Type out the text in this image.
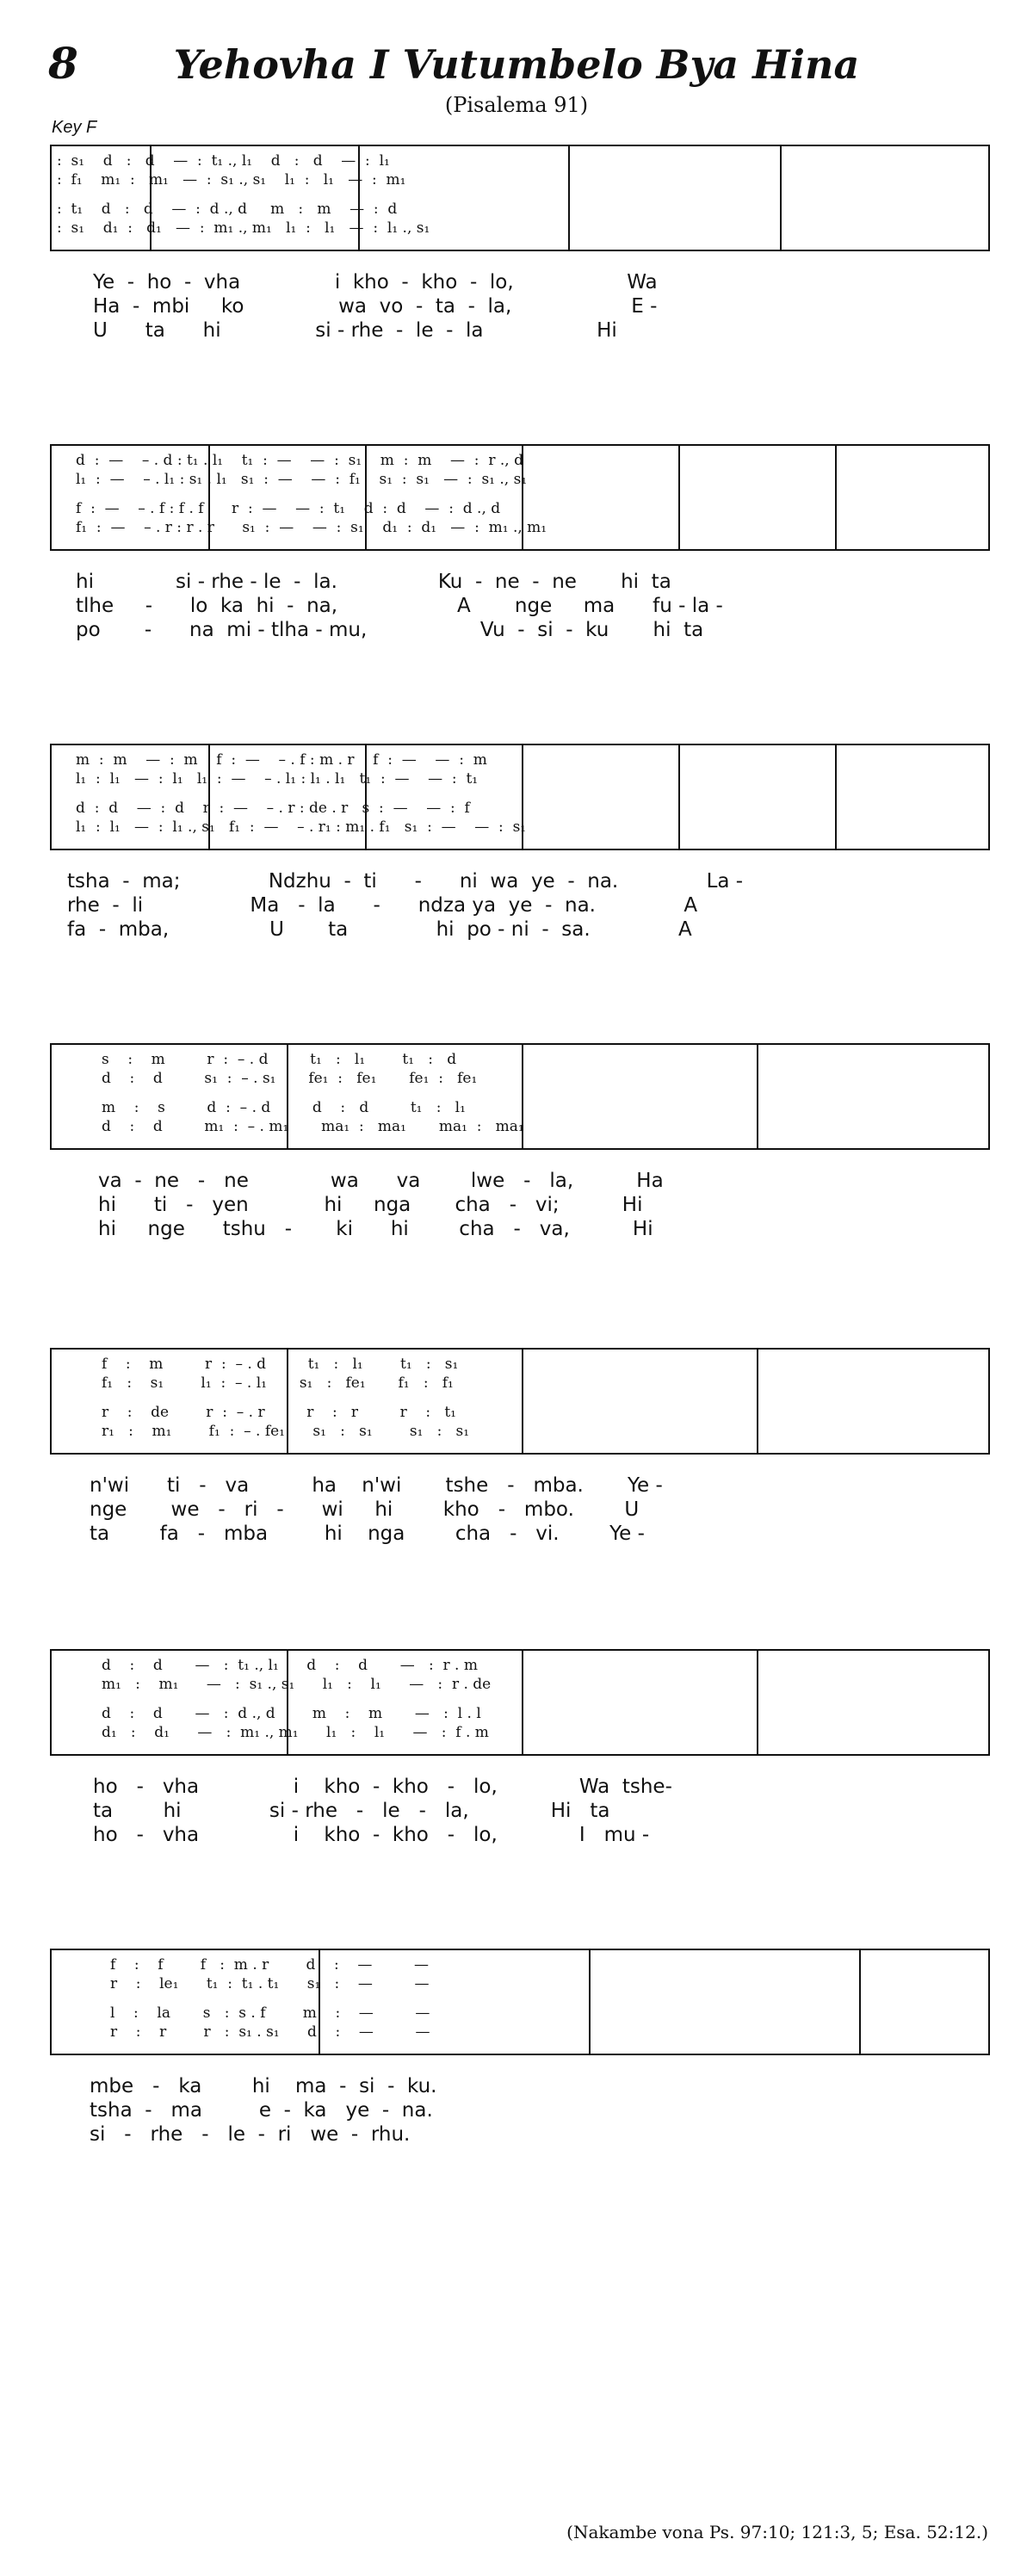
8	Yehovha I Vutumbelo Bya Hina
(Pisalema 91)
Key F
:  s₁    d   :   d    —  :  t₁ ., l₁    d   :   d    —  :  l₁
:  f₁    m₁  :   m₁   —  :  s₁ ., s₁    l₁  :   l₁   —  :  m₁
:  t₁    d   :   d    —  :  d ., d     m   :   m    —  :  d
:  s₁    d₁  :   d₁   —  :  m₁ ., m₁   l₁  :   l₁   —  :  l₁ ., s₁
Ye  -  ho  -  vha               i  kho  -  kho  -  lo,                  Wa
Ha  -  mbi     ko               wa  vo  -  ta  -  la,                   E -
U      ta      hi               si - rhe  -  le  -  la                  Hi
d  :  —    – . d : t₁ . l₁    t₁  :  —    —  :  s₁    m  :  m    —  :  r ., d
l₁  :  —    – . l₁ : s₁ . l₁   s₁  :  —    —  :  f₁    s₁  :  s₁   —  :  s₁ ., s₁
f  :  —    – . f : f . f      r  :  —    —  :  t₁    d  :  d    —  :  d ., d
f₁  :  —    – . r : r . r      s₁  :  —    —  :  s₁    d₁  :  d₁   —  :  m₁ ., m₁
hi             si - rhe - le  -  la.                Ku  -  ne  -  ne       hi  ta
tlhe     -      lo  ka  hi  -  na,                   A       nge     ma      fu - la -
po       -      na  mi - tlha - mu,                  Vu  -  si  -  ku       hi  ta
m  :  m    —  :  m    f  :  —    – . f : m . r    f  :  —    —  :  m
l₁  :  l₁   —  :  l₁   l₁  :  —    – . l₁ : l₁ . l₁   t₁  :  —    —  :  t₁
d  :  d    —  :  d    r  :  —    – . r : de . r   s  :  —    —  :  f
l₁  :  l₁   —  :  l₁ ., s₁   f₁  :  —    – . r₁ : m₁ . f₁   s₁  :  —    —  :  s₁
tsha  -  ma;              Ndzhu  -  ti      -      ni  wa  ye  -  na.              La -
rhe  -  li                 Ma   -  la      -      ndza ya  ye  -  na.              A
fa  -  mba,                U       ta              hi  po - ni  -  sa.              A
s    :    m         r  :  – . d         t₁   :   l₁        t₁   :   d
d    :    d         s₁  :  – . s₁       fe₁  :   fe₁       fe₁  :   fe₁
m    :    s         d  :  – . d         d    :   d         t₁   :   l₁
d    :    d         m₁  :  – . m₁       ma₁  :   ma₁       ma₁  :   ma₁
va  -  ne   -   ne             wa      va        lwe   -   la,          Ha
hi      ti   -   yen            hi     nga       cha   -   vi;          Hi
hi     nge      tshu   -       ki      hi        cha   -   va,          Hi
f    :    m         r  :  – . d         t₁   :   l₁        t₁   :   s₁
f₁   :    s₁        l₁  :  – . l₁       s₁   :   fe₁       f₁   :   f₁
r    :    de        r  :  – . r         r    :   r         r    :   t₁
r₁   :    m₁        f₁  :  – . fe₁      s₁   :   s₁        s₁   :   s₁
n'wi      ti   -   va          ha    n'wi       tshe   -   mba.       Ye -
nge       we   -   ri   -      wi     hi        kho   -   mbo.        U
ta        fa   -   mba         hi    nga        cha   -   vi.        Ye -
d    :    d       —   :  t₁ ., l₁      d    :    d       —   :  r . m
m₁   :    m₁      —   :  s₁ ., s₁      l₁   :    l₁      —   :  r . de
d    :    d       —   :  d ., d        m    :    m       —   :  l . l
d₁   :    d₁      —   :  m₁ ., m₁      l₁   :    l₁      —   :  f . m
ho   -   vha               i    kho  -  kho   -   lo,             Wa  tshe-
ta        hi              si - rhe   -   le   -   la,             Hi   ta
ho   -   vha               i    kho  -  kho   -   lo,             I   mu -
f    :    f        f   :  m . r        d    :    —         —
r    :    le₁      t₁  :  t₁ . t₁      s₁   :    —         —
l    :    la       s   :  s . f        m    :    —         —
r    :    r        r   :  s₁ . s₁      d    :    —         —
mbe   -   ka        hi    ma  -  si  -  ku.
tsha  -   ma         e  -  ka   ye  -  na.
si   -   rhe   -   le  -  ri   we  -  rhu.
(Nakambe vona Ps. 97:10; 121:3, 5; Esa. 52:12.)
